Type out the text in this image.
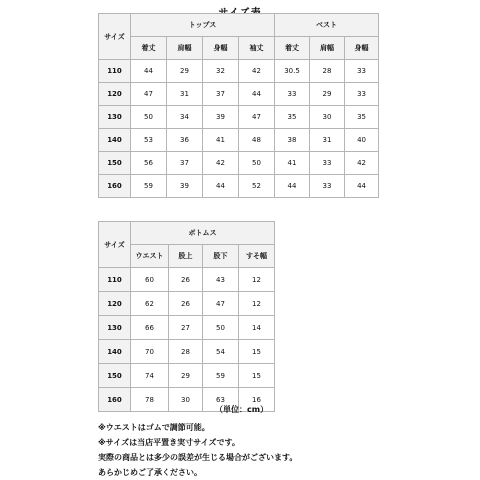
サイズ	トップス				ベスト		
	着丈	肩幅	身幅	袖丈	着丈	肩幅	身幅
110	44	29	32	42	30.5	28	33
120	47	31	37	44	33	29	33
130	50	34	39	47	35	30	35
140	53	36	41	48	38	31	40
150	56	37	42	50	41	33	42
160	59	39	44	52	44	33	44
サイズ	ボトムス			
	ウエスト	股上	股下	すそ幅
110	60	26	43	12
120	62	26	47	12
130	66	27	50	14
140	70	28	54	15
150	74	29	59	15
160	78	30	63	16
（単位：cm）
※ウエストはゴムで調節可能。
※サイズは当店平置き実寸サイズです。
実際の商品とは多少の誤差が生じる場合がございます。
あらかじめご了承ください。
